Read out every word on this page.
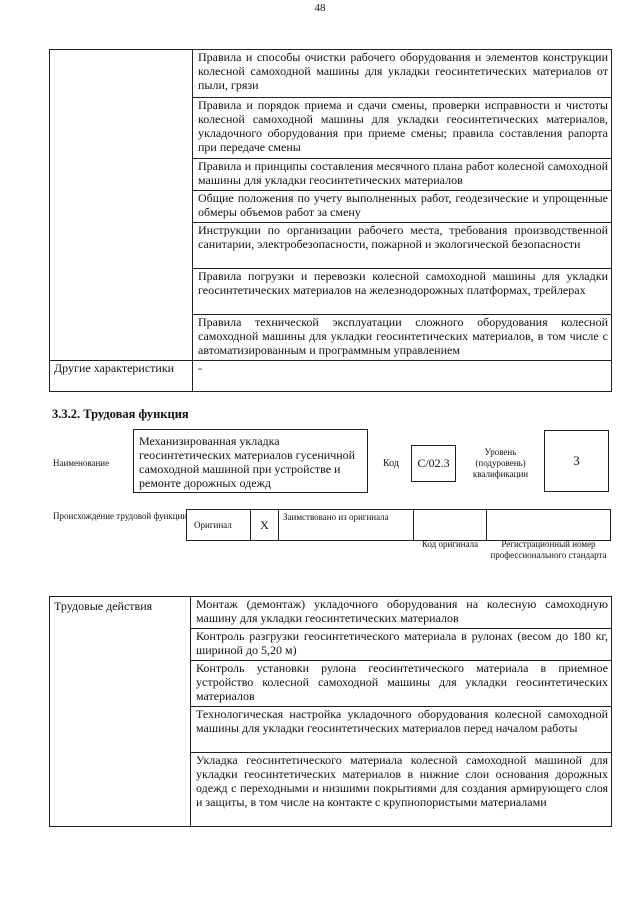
48
	Правила и способы очистки рабочего оборудования и элементов конструкции колесной самоходной машины для укладки геосинтетических материалов от пыли, грязи
	Правила и порядок приема и сдачи смены, проверки исправности и чистоты колесной самоходной машины для укладки геосинтетических материалов, укладочного оборудования при приеме смены; правила составления рапорта при передаче смены
	Правила и принципы составления месячного плана работ колесной самоходной машины для укладки геосинтетических материалов
	Общие положения по учету выполненных работ, геодезические и упрощенные обмеры объемов работ за смену
	Инструкции по организации рабочего места, требования производственной санитарии, электробезопасности, пожарной и экологической безопасности
	Правила погрузки и перевозки колесной самоходной машины для укладки геосинтетических материалов на железнодорожных платформах, трейлерах
	Правила технической эксплуатации сложного оборудования колесной самоходной машины для укладки геосинтетических материалов, в том числе с автоматизированным и программным управлением
Другие характеристики	-
3.3.2. Трудовая функция
Наименование
Механизированная укладка геосинтетических материалов гусеничной самоходной машиной при устройстве и ремонте дорожных одежд
Код	C/02.3
Уровень (подуровень) квалификации
3
Происхождение трудовой функции
Оригинал	X	Заимствовано из оригинала		
Код оригинала	Регистрационный номер профессионального стандарта
Трудовые действия	Монтаж (демонтаж) укладочного оборудования на колесную самоходную машину для укладки геосинтетических материалов
Контроль разгрузки геосинтетического материала в рулонах (весом до 180 кг, шириной до 5,20 м)
Контроль установки рулона геосинтетического материала в приемное устройство колесной самоходной машины для укладки геосинтетических материалов
Технологическая настройка укладочного оборудования колесной самоходной машины для укладки геосинтетических материалов перед началом работы
Укладка геосинтетического материала колесной самоходной машиной для укладки геосинтетических материалов в нижние слои основания дорожных одежд с переходными и низшими покрытиями для создания армирующего слоя и защиты, в том числе на контакте с крупнопористыми материалами
